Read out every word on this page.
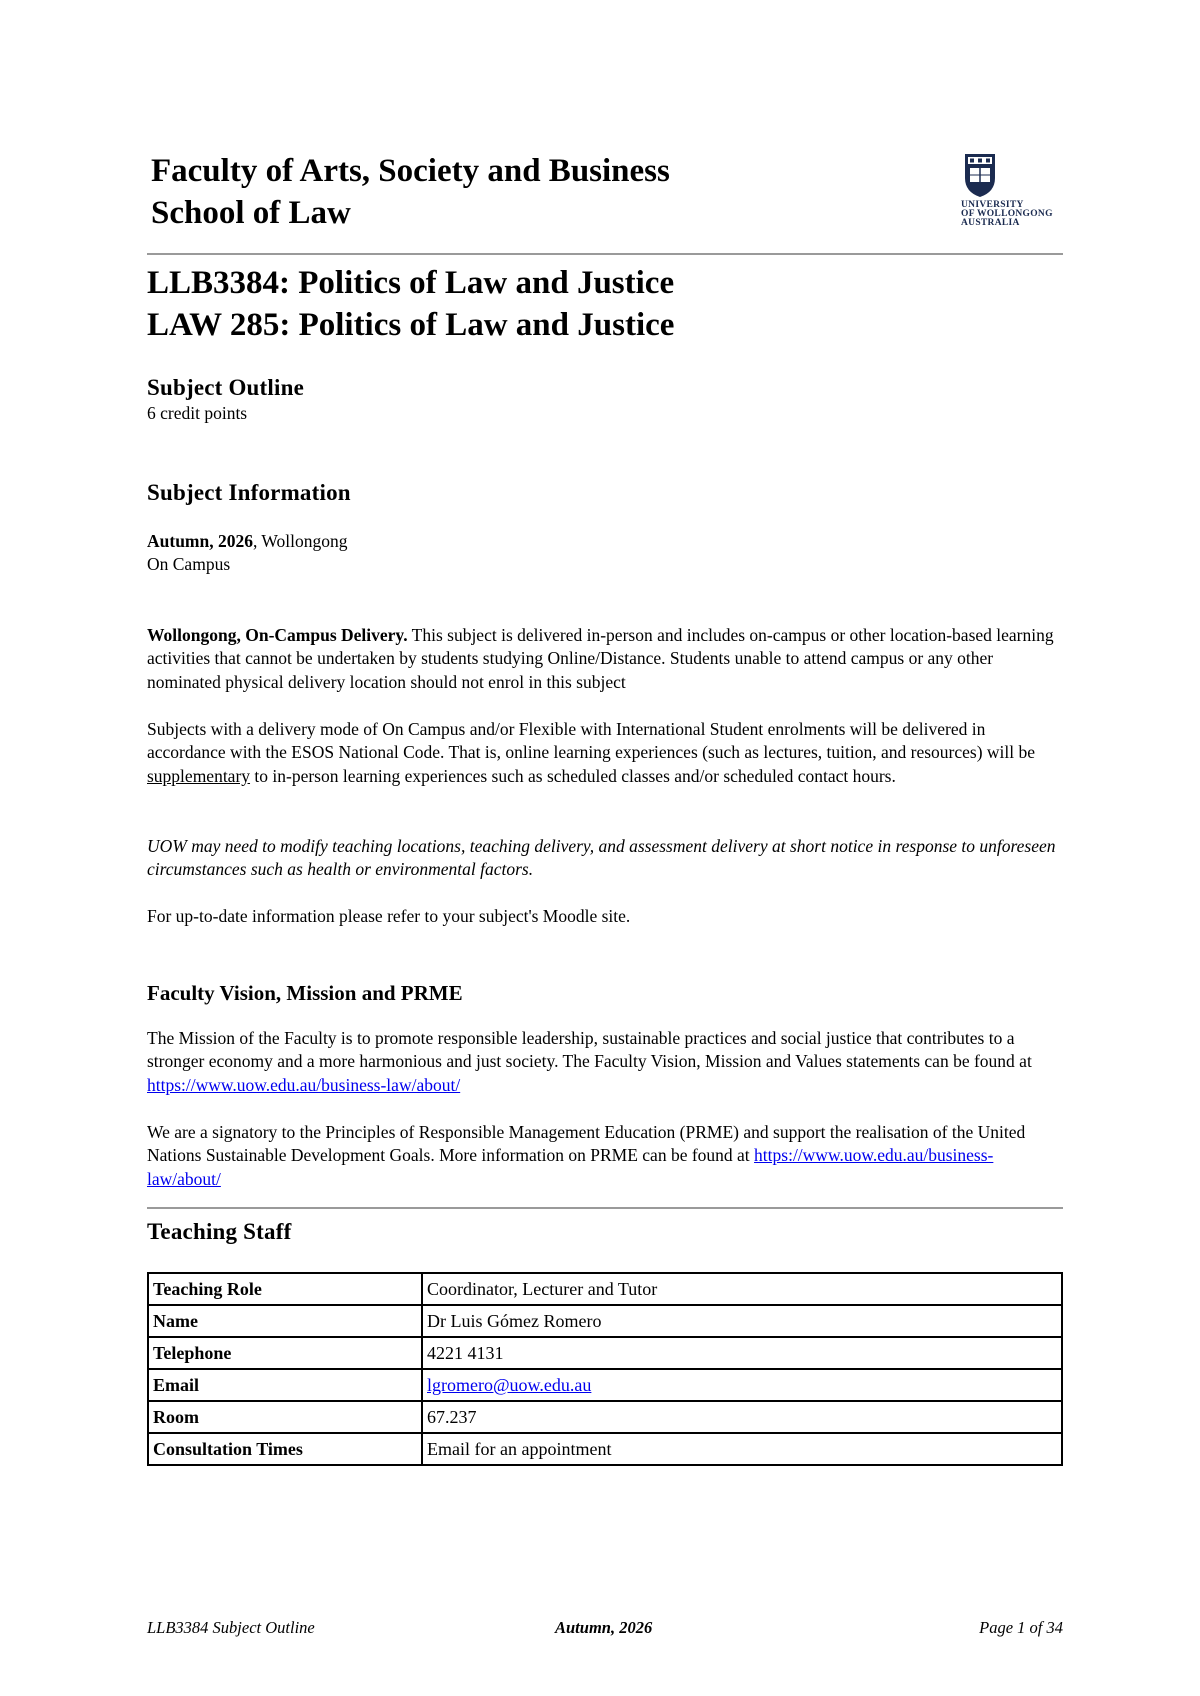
Faculty of Arts, Society and Business

School of Law	UNIVERSITY
OF WOLLONGONG
AUSTRALIA

LLB3384: Politics of Law and Justice

LAW 285: Politics of Law and Justice

Subject Outline

6 credit points

Subject Information

Autumn, 2026, Wollongong

On Campus

Wollongong, On-Campus Delivery. This subject is delivered in-person and includes on-campus or other location-based learning activities that cannot be undertaken by students studying Online/Distance. Students unable to attend campus or any other nominated physical delivery location should not enrol in this subject

Subjects with a delivery mode of On Campus and/or Flexible with International Student enrolments will be delivered in accordance with the ESOS National Code. That is, online learning experiences (such as lectures, tuition, and resources) will be supplementary to in-person learning experiences such as scheduled classes and/or scheduled contact hours.

UOW may need to modify teaching locations, teaching delivery, and assessment delivery at short notice in response to unforeseen circumstances such as health or environmental factors.

For up-to-date information please refer to your subject's Moodle site.

Faculty Vision, Mission and PRME

The Mission of the Faculty is to promote responsible leadership, sustainable practices and social justice that contributes to a stronger economy and a more harmonious and just society. The Faculty Vision, Mission and Values statements can be found at https://www.uow.edu.au/business-law/about/

We are a signatory to the Principles of Responsible Management Education (PRME) and support the realisation of the United Nations Sustainable Development Goals. More information on PRME can be found at https://www.uow.edu.au/business-law/about/

Teaching Staff
Teaching Role	Coordinator, Lecturer and Tutor
Name	Dr Luis Gómez Romero
Telephone	4221 4131
Email	lgromero@uow.edu.au
Room	67.237
Consultation Times	Email for an appointment
LLB3384 Subject Outline	Autumn, 2026	Page 1 of 34
